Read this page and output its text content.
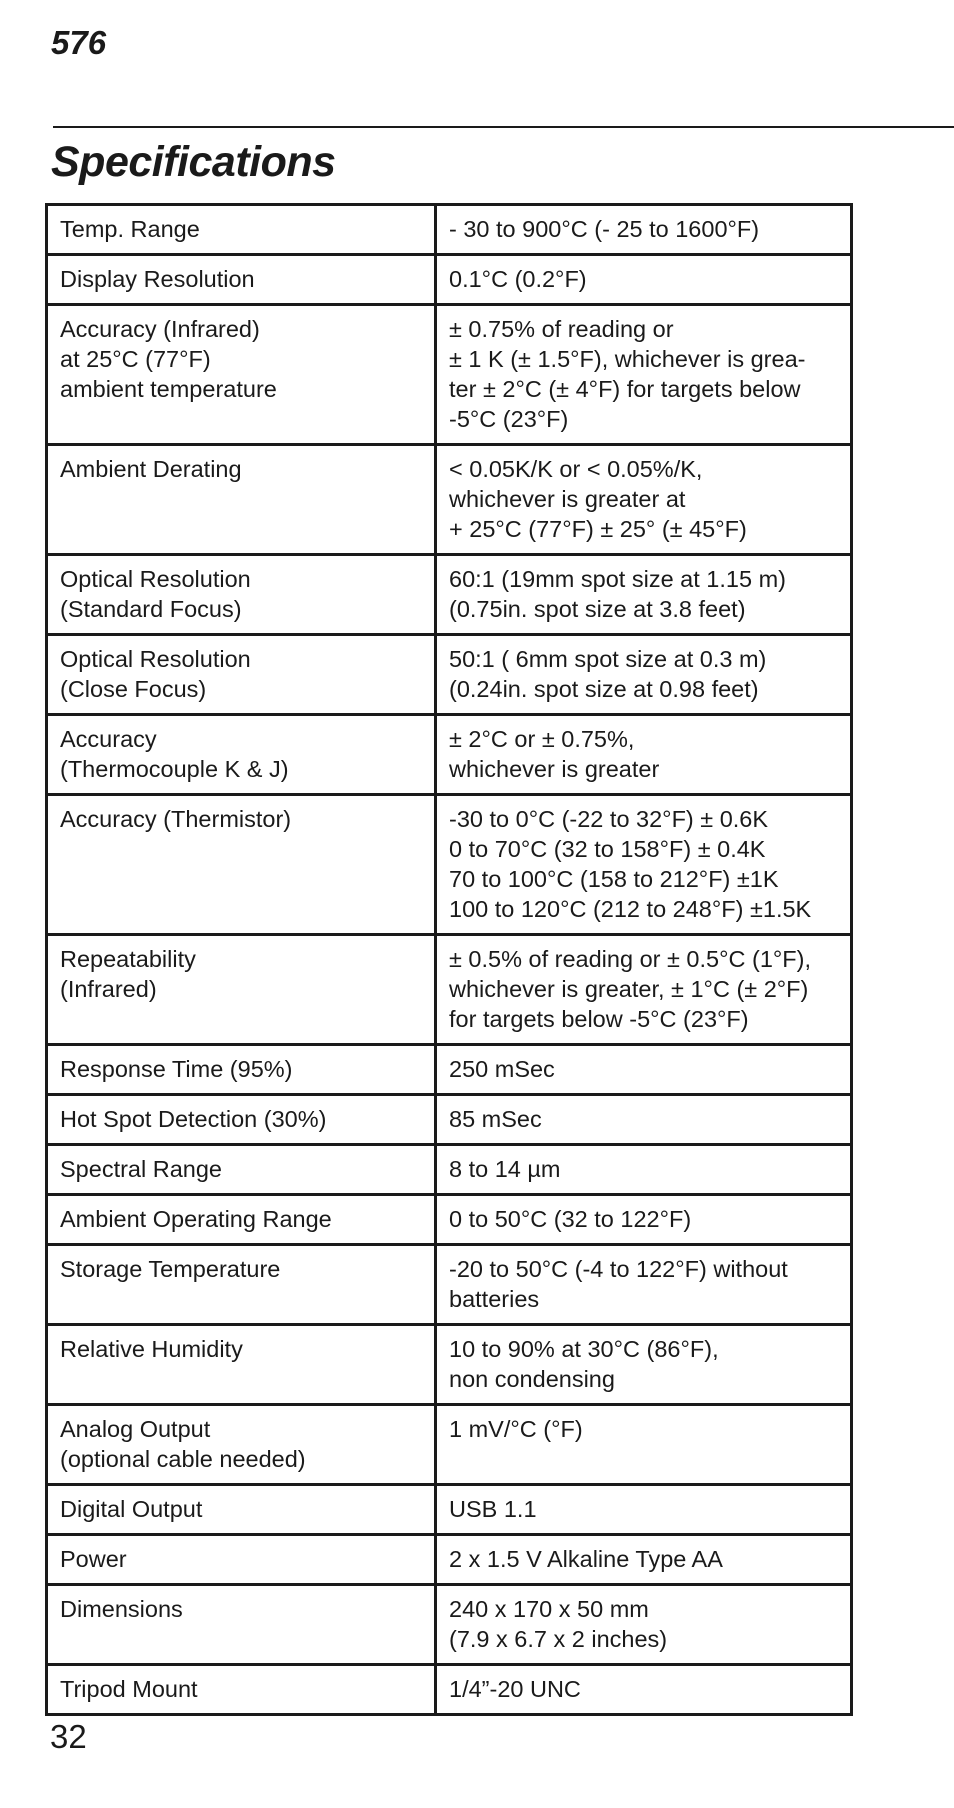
576
Specifications
Temp. Range	- 30 to 900°C (- 25 to 1600°F)

Display Resolution	0.1°C (0.2°F)

Accuracy (Infrared)
at 25°C (77°F)
ambient temperature	± 0.75% of reading or
± 1 K (± 1.5°F), whichever is grea-
ter ± 2°C (± 4°F) for targets below
-5°C (23°F)

Ambient Derating	< 0.05K/K or < 0.05%/K,
whichever is greater at
+ 25°C (77°F) ± 25° (± 45°F)

Optical Resolution
(Standard Focus)	60:1 (19mm spot size at 1.15 m)
(0.75in. spot size at 3.8 feet)

Optical Resolution
(Close Focus)	50:1 ( 6mm spot size at 0.3 m)
(0.24in. spot size at 0.98 feet)

Accuracy
(Thermocouple K & J)	± 2°C or ± 0.75%,
whichever is greater

Accuracy (Thermistor)	-30 to 0°C (-22 to 32°F) ± 0.6K
0 to 70°C (32 to 158°F) ± 0.4K
70 to 100°C (158 to 212°F) ±1K
100 to 120°C (212 to 248°F) ±1.5K

Repeatability
(Infrared)	± 0.5% of reading or ± 0.5°C (1°F),
whichever is greater, ± 1°C (± 2°F)
for targets below -5°C (23°F)

Response Time (95%)	250 mSec

Hot Spot Detection (30%)	85 mSec

Spectral Range	8 to 14 µm

Ambient Operating Range	0 to 50°C (32 to 122°F)

Storage Temperature	-20 to 50°C (-4 to 122°F) without
batteries

Relative Humidity	10 to 90% at 30°C (86°F),
non condensing

Analog Output
(optional cable needed)	1 mV/°C (°F)

Digital Output	USB 1.1

Power	2 x 1.5 V Alkaline Type AA

Dimensions	240 x 170 x 50 mm
(7.9 x 6.7 x 2 inches)

Tripod Mount	1/4”-20 UNC

32
